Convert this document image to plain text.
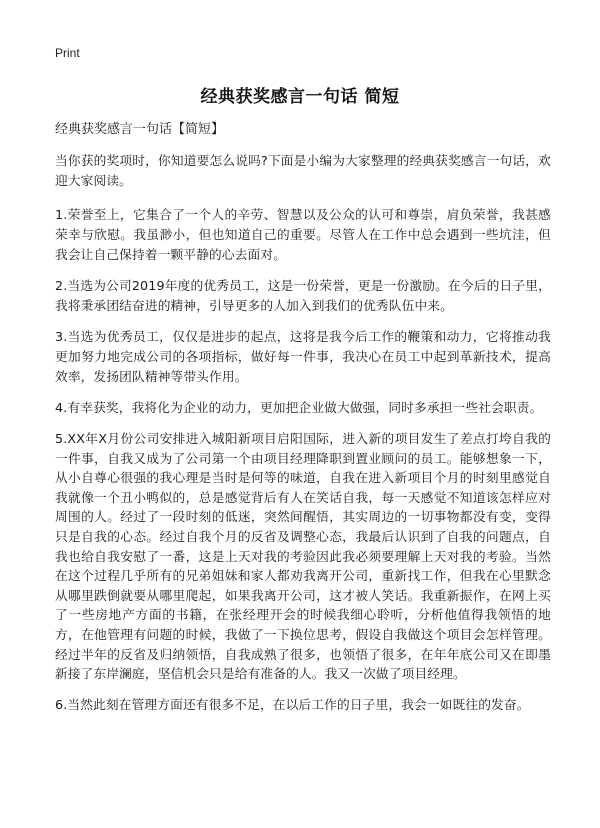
Print
经典获奖感言一句话 简短

经典获奖感言一句话【简短】

当你获的奖项时，你知道要怎么说吗?下面是小编为大家整理的经典获奖感言一句话，欢迎大家阅读。

1.荣誉至上，它集合了一个人的辛劳、智慧以及公众的认可和尊崇，肩负荣誉，我甚感荣幸与欣慰。我虽渺小，但也知道自己的重要。尽管人在工作中总会遇到一些坑洼，但我会让自己保持着一颗平静的心去面对。

2.当选为公司2019年度的优秀员工，这是一份荣誉，更是一份激励。在今后的日子里，我将秉承团结奋进的精神，引导更多的人加入到我们的优秀队伍中来。

3.当选为优秀员工，仅仅是进步的起点，这将是我今后工作的鞭策和动力，它将推动我更加努力地完成公司的各项指标，做好每一件事，我决心在员工中起到革新技术，提高效率，发扬团队精神等带头作用。

4.有幸获奖，我将化为企业的动力，更加把企业做大做强，同时多承担一些社会职责。

5.XX年X月份公司安排进入城阳新项目启阳国际，进入新的项目发生了差点打垮自我的一件事，自我又成为了公司第一个由项目经理降职到置业顾问的员工。能够想象一下，从小自尊心很强的我心理是当时是何等的味道，自我在进入新项目个月的时刻里感觉自我就像一个丑小鸭似的，总是感觉背后有人在笑话自我，每一天感觉不知道该怎样应对周围的人。经过了一段时刻的低迷，突然间醒悟，其实周边的一切事物都没有变，变得只是自我的心态。经过自我个月的反省及调整心态，我最后认识到了自我的问题点，自我也给自我安慰了一番，这是上天对我的考验因此我必须要理解上天对我的考验。当然在这个过程几乎所有的兄弟姐妹和家人都劝我离开公司，重新找工作，但我在心里默念从哪里跌倒就要从哪里爬起，如果我离开公司，这才被人笑话。我重新振作，在网上买了一些房地产方面的书籍，在张经理开会的时候我细心聆听，分析他值得我领悟的地方，在他管理有问题的时候，我做了一下换位思考，假设自我做这个项目会怎样管理。经过半年的反省及归纳领悟，自我成熟了很多，也领悟了很多，在年年底公司又在即墨新接了东岸澜庭，坚信机会只是给有准备的人。我又一次做了项目经理。

6.当然此刻在管理方面还有很多不足，在以后工作的日子里，我会一如既往的发奋。
